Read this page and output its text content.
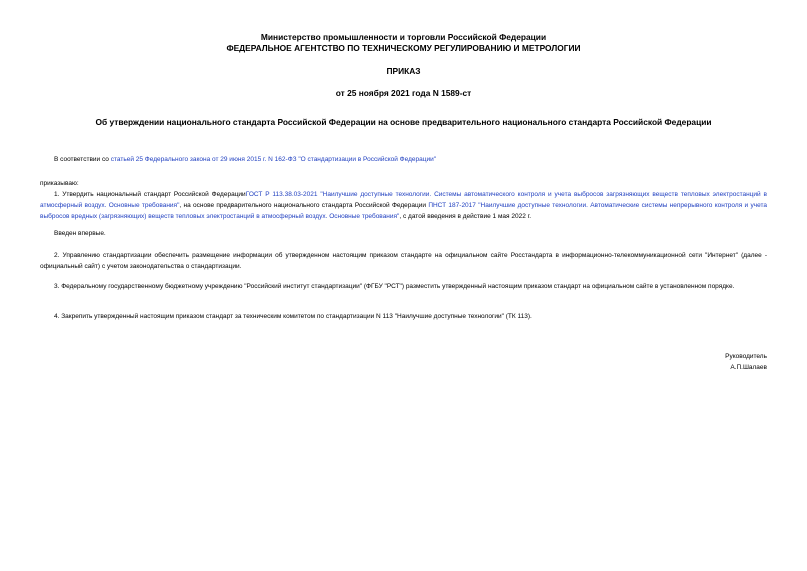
Министерство промышленности и торговли Российской Федерации
ФЕДЕРАЛЬНОЕ АГЕНТСТВО ПО ТЕХНИЧЕСКОМУ РЕГУЛИРОВАНИЮ И МЕТРОЛОГИИ
ПРИКАЗ
от 25 ноября 2021 года N 1589-ст
Об утверждении национального стандарта Российской Федерации на основе предварительного национального стандарта Российской Федерации
В соответствии со статьей 25 Федерального закона от 29 июня 2015 г. N 162-ФЗ "О стандартизации в Российской Федерации"
приказываю:
1. Утвердить национальный стандарт Российской ФедерацииГОСТ Р 113.38.03-2021 "Наилучшие доступные технологии. Системы автоматического контроля и учета выбросов загрязняющих веществ тепловых электростанций в атмосферный воздух. Основные требования", на основе предварительного национального стандарта Российской Федерации ПНСТ 187-2017 "Наилучшие доступные технологии. Автоматические системы непрерывного контроля и учета выбросов вредных (загрязняющих) веществ тепловых электростанций в атмосферный воздух. Основные требования", с датой введения в действие 1 мая 2022 г.
Введен впервые.
2. Управлению стандартизации обеспечить размещение информации об утвержденном настоящим приказом стандарте на официальном сайте Росстандарта в информационно-телекоммуникационной сети "Интернет" (далее - официальный сайт) с учетом законодательства о стандартизации.
3. Федеральному государственному бюджетному учреждению "Российский институт стандартизации" (ФГБУ "РСТ") разместить утвержденный настоящим приказом стандарт на официальном сайте в установленном порядке.
4. Закрепить утвержденный настоящим приказом стандарт за техническим комитетом по стандартизации N 113 "Наилучшие доступные технологии" (ТК 113).
Руководитель
А.П.Шалаев
